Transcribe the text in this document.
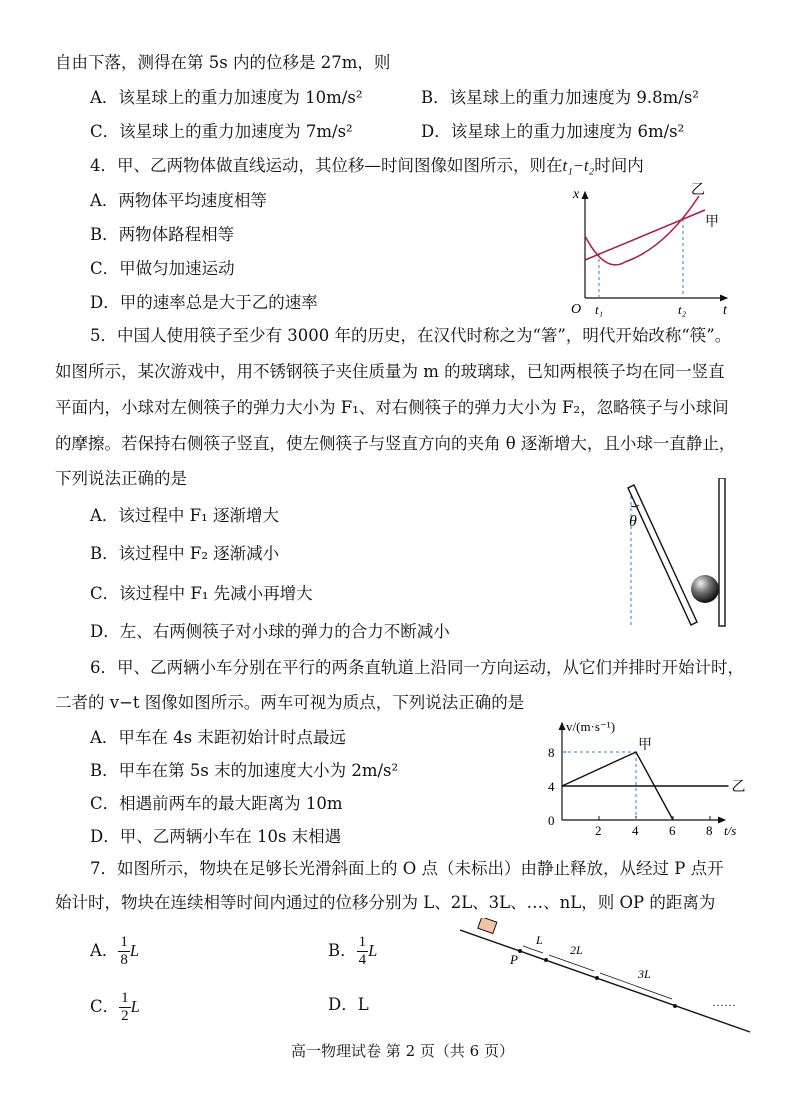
自由下落，测得在第 5s 内的位移是 27m，则
A．该星球上的重力加速度为 10m/s²	B．该星球上的重力加速度为 9.8m/s²
C．该星球上的重力加速度为 7m/s²	D．该星球上的重力加速度为 6m/s²
4．甲、乙两物体做直线运动，其位移—时间图像如图所示，则在t₁−t₂时间内
A．两物体平均速度相等
B．两物体路程相等
C．甲做匀加速运动
D．甲的速率总是大于乙的速率
x
t
O t₁	t₂
乙
甲
5．中国人使用筷子至少有 3000 年的历史，在汉代时称之为“箸”，明代开始改称“筷”。
如图所示，某次游戏中，用不锈钢筷子夹住质量为 m 的玻璃球，已知两根筷子均在同一竖直
平面内，小球对左侧筷子的弹力大小为 F₁、对右侧筷子的弹力大小为 F₂，忽略筷子与小球间
的摩擦。若保持右侧筷子竖直，使左侧筷子与竖直方向的夹角 θ 逐渐增大，且小球一直静止，
下列说法正确的是
A．该过程中 F₁ 逐渐增大
B．该过程中 F₂ 逐渐减小
C．该过程中 F₁ 先减小再增大
D．左、右两侧筷子对小球的弹力的合力不断减小
θ
6．甲、乙两辆小车分别在平行的两条直轨道上沿同一方向运动，从它们并排时开始计时，
二者的 v−t 图像如图所示。两车可视为质点，下列说法正确的是
A．甲车在 4s 末距初始计时点最远
B．甲车在第 5s 末的加速度大小为 2m/s²
C．相遇前两车的最大距离为 10m
D．甲、乙两辆小车在 10s 末相遇
v/(m·s⁻¹)
t/s
2 4 6 8
0
4
8	甲
乙
7．如图所示，物块在足够长光滑斜面上的 O 点（未标出）由静止释放，从经过 P 点开
始计时，物块在连续相等时间内通过的位移分别为 L、2L、3L、…、nL，则 OP 的距离为
A． $\frac{1}{8}$ L	B． $\frac{1}{4}$ L
C． $\frac{1}{2}$ L	D．L
P
L
2L
3L
……
高一物理试卷 第 2 页（共 6 页）
